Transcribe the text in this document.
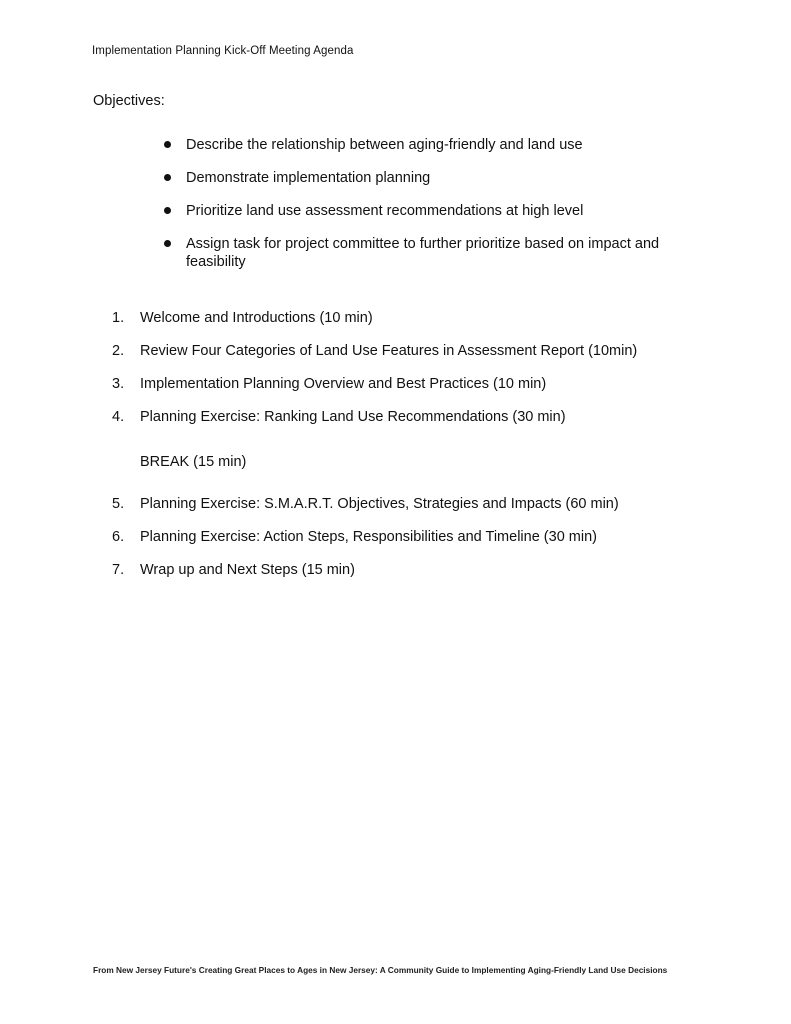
Implementation Planning Kick-Off Meeting Agenda
Objectives:
Describe the relationship between aging-friendly and land use
Demonstrate implementation planning
Prioritize land use assessment recommendations at high level
Assign task for project committee to further prioritize based on impact and feasibility
1.	Welcome and Introductions (10 min)
2.	Review Four Categories of Land Use Features in Assessment Report (10min)
3.	Implementation Planning Overview and Best Practices (10 min)
4.	Planning Exercise: Ranking Land Use Recommendations (30 min)
BREAK (15 min)
5.	Planning Exercise: S.M.A.R.T. Objectives, Strategies and Impacts (60 min)
6.	Planning Exercise: Action Steps, Responsibilities and Timeline (30 min)
7.	Wrap up and Next Steps (15 min)
From New Jersey Future's Creating Great Places to Ages in New Jersey: A Community Guide to Implementing Aging-Friendly Land Use Decisions
